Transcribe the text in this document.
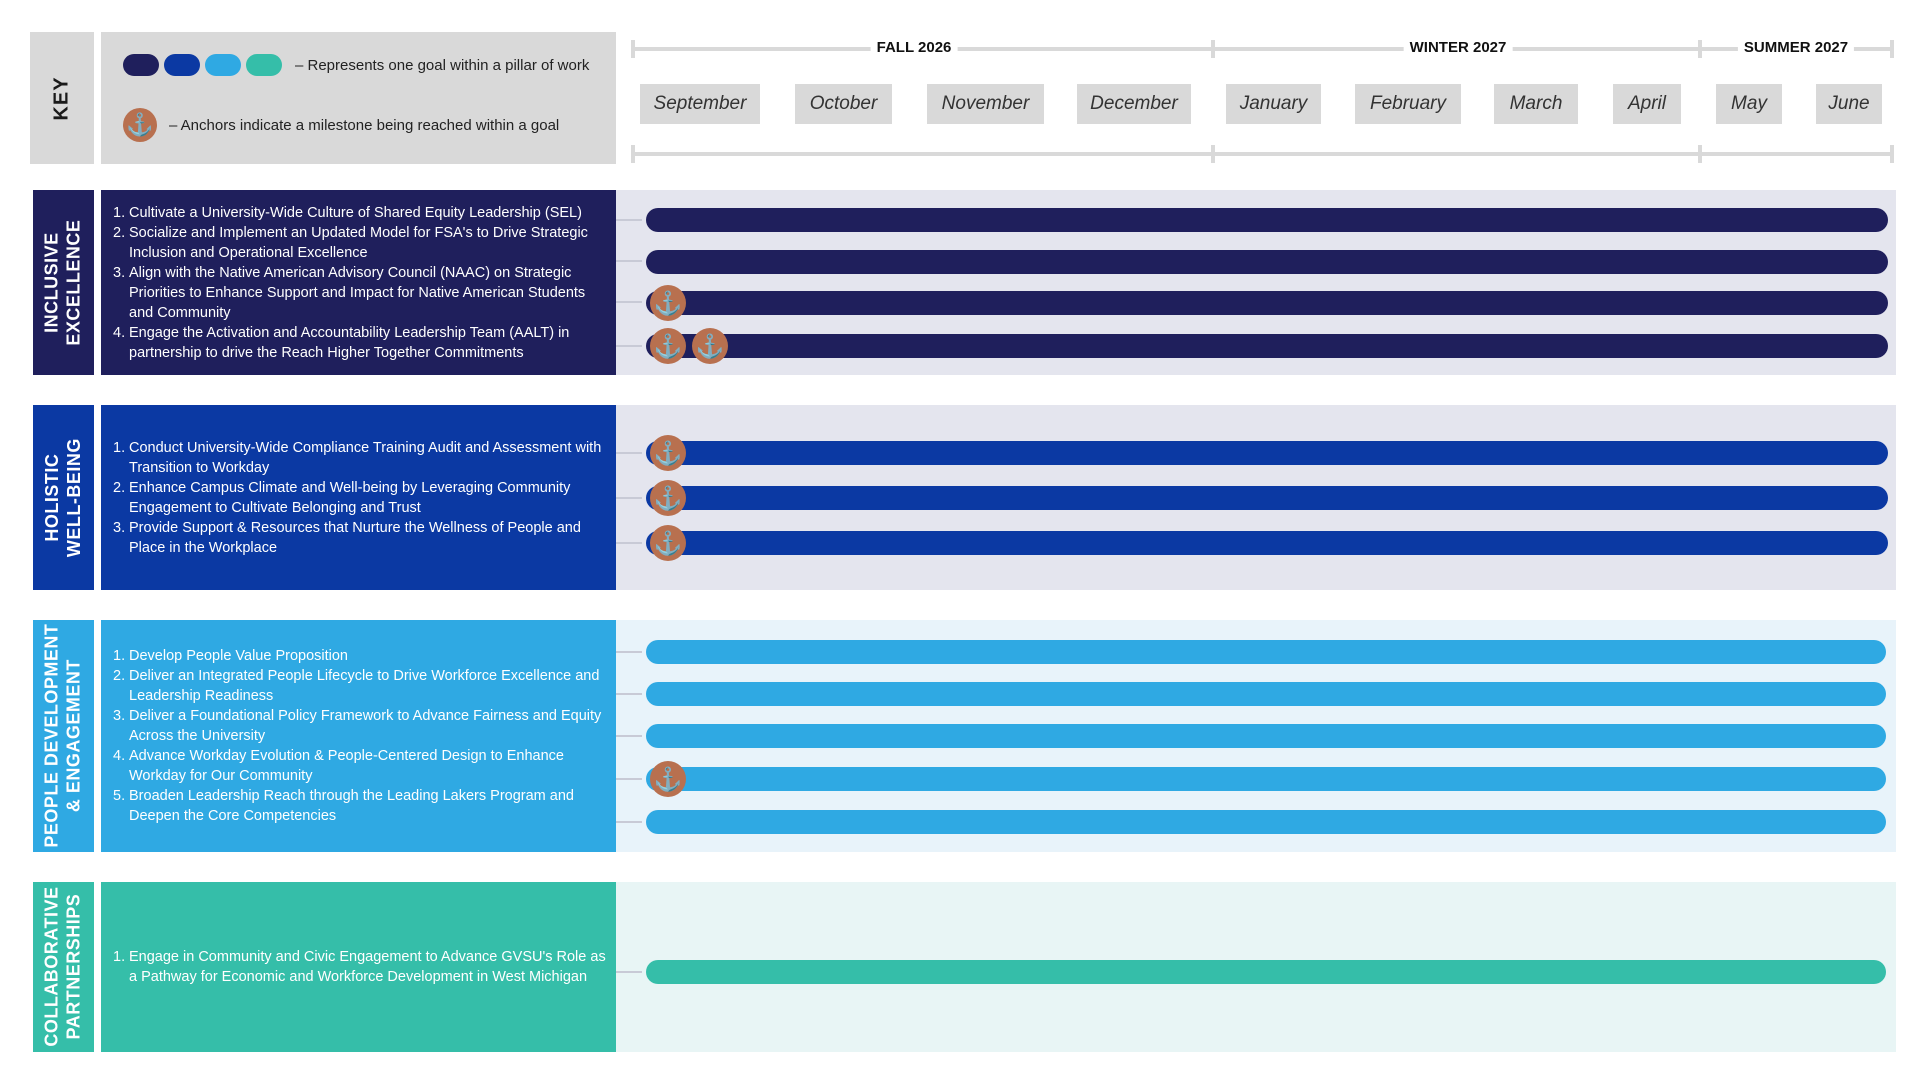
KEY
– Represents one goal within a pillar of work
⚓ – Anchors indicate a milestone being reached within a goal
FALL 2026	WINTER 2027	SUMMER 2027
September	October	November	December	January	February	March	April	May	June
INCLUSIVE EXCELLENCE
Cultivate a University-Wide Culture of Shared Equity Leadership (SEL)
Socialize and Implement an Updated Model for FSA's to Drive Strategic Inclusion and Operational Excellence
Align with the Native American Advisory Council (NAAC) on Strategic Priorities to Enhance Support and Impact for Native American Students and Community
Engage the Activation and Accountability Leadership Team (AALT) in partnership to drive the Reach Higher Together Commitments
⚓
⚓ ⚓
HOLISTIC WELL-BEING	Conduct University-Wide Compliance Training Audit and Assessment with Transition to Workday
Enhance Campus Climate and Well-being by Leveraging Community Engagement to Cultivate Belonging and Trust
Provide Support & Resources that Nurture the Wellness of People and Place in the Workplace
⚓
⚓
⚓
PEOPLE DEVELOPMENT & ENGAGEMENT
Develop People Value Proposition
Deliver an Integrated People Lifecycle to Drive Workforce Excellence and Leadership Readiness
Deliver a Foundational Policy Framework to Advance Fairness and Equity Across the University
Advance Workday Evolution & People-Centered Design to Enhance Workday for Our Community
Broaden Leadership Reach through the Leading Lakers Program and Deepen the Core Competencies
⚓
COLLABORATIVE PARTNERSHIPS	Engage in Community and Civic Engagement to Advance GVSU's Role as a Pathway for Economic and Workforce Development in West Michigan
